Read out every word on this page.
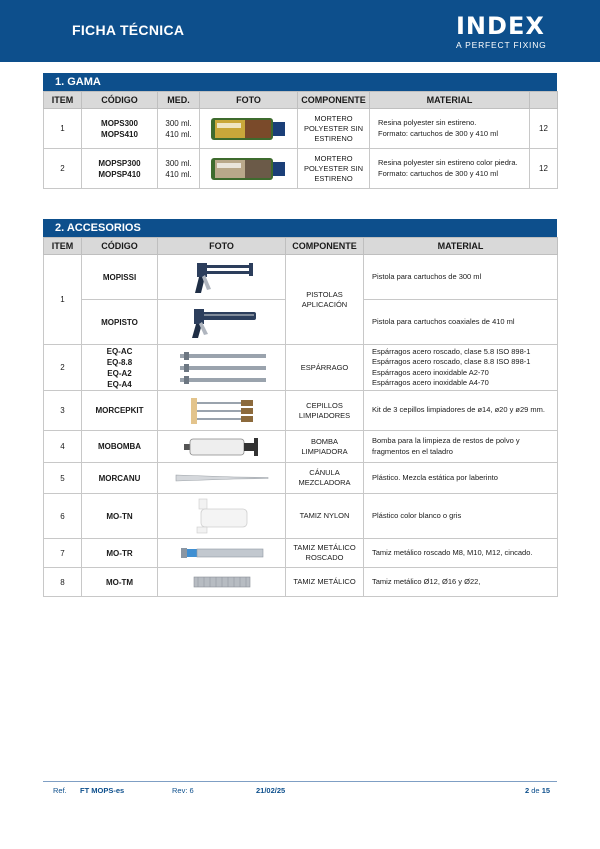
FICHA TÉCNICA	INDEX
A PERFECT FIXING
1. GAMA
ITEM	CÓDIGO	MED.	FOTO	COMPONENTE	MATERIAL	
1	MOPS300
MOPS410	300 ml.
410 ml.		MORTERO
POLYESTER SIN
ESTIRENO	Resina polyester sin estireno.
Formato: cartuchos de 300 y 410 ml	12
2	MOPSP300
MOPSP410	300 ml.
410 ml.		MORTERO
POLYESTER SIN
ESTIRENO	Resina polyester sin estireno color piedra.
Formato: cartuchos de 300 y 410 ml	12
2. ACCESORIOS
ITEM	CÓDIGO	FOTO	COMPONENTE	MATERIAL
1	MOPISSI		PISTOLAS
APLICACIÓN	Pistola para cartuchos de 300 ml
	MOPISTO			Pistola para cartuchos coaxiales de 410 ml
2	EQ-AC
EQ-8.8
EQ-A2
EQ-A4		ESPÁRRAGO	Espárragos acero roscado, clase 5.8 ISO 898-1
Espárragos acero roscado, clase 8.8 ISO 898-1
Espárragos acero inoxidable A2-70
Espárragos acero inoxidable A4-70

3	MORCEPKIT		CEPILLOS
LIMPIADORES	Kit de 3 cepillos limpiadores de ø14, ø20 y ø29 mm.
4	MOBOMBA		BOMBA
LIMPIADORA	Bomba para la limpieza de restos de polvo y
fragmentos en el taladro

5	MORCANU		CÁNULA
MEZCLADORA	Plástico. Mezcla estática por laberinto
6	MO-TN		TAMIZ NYLON	Plástico color blanco o gris
7	MO-TR		TAMIZ METÁLICO
ROSCADO	Tamiz metálico roscado M8, M10, M12, cincado.
8	MO-TM		TAMIZ METÁLICO	Tamiz metálico Ø12, Ø16 y Ø22,
Ref. FT MOPS-es	Rev: 6	21/02/25	2 de 15
